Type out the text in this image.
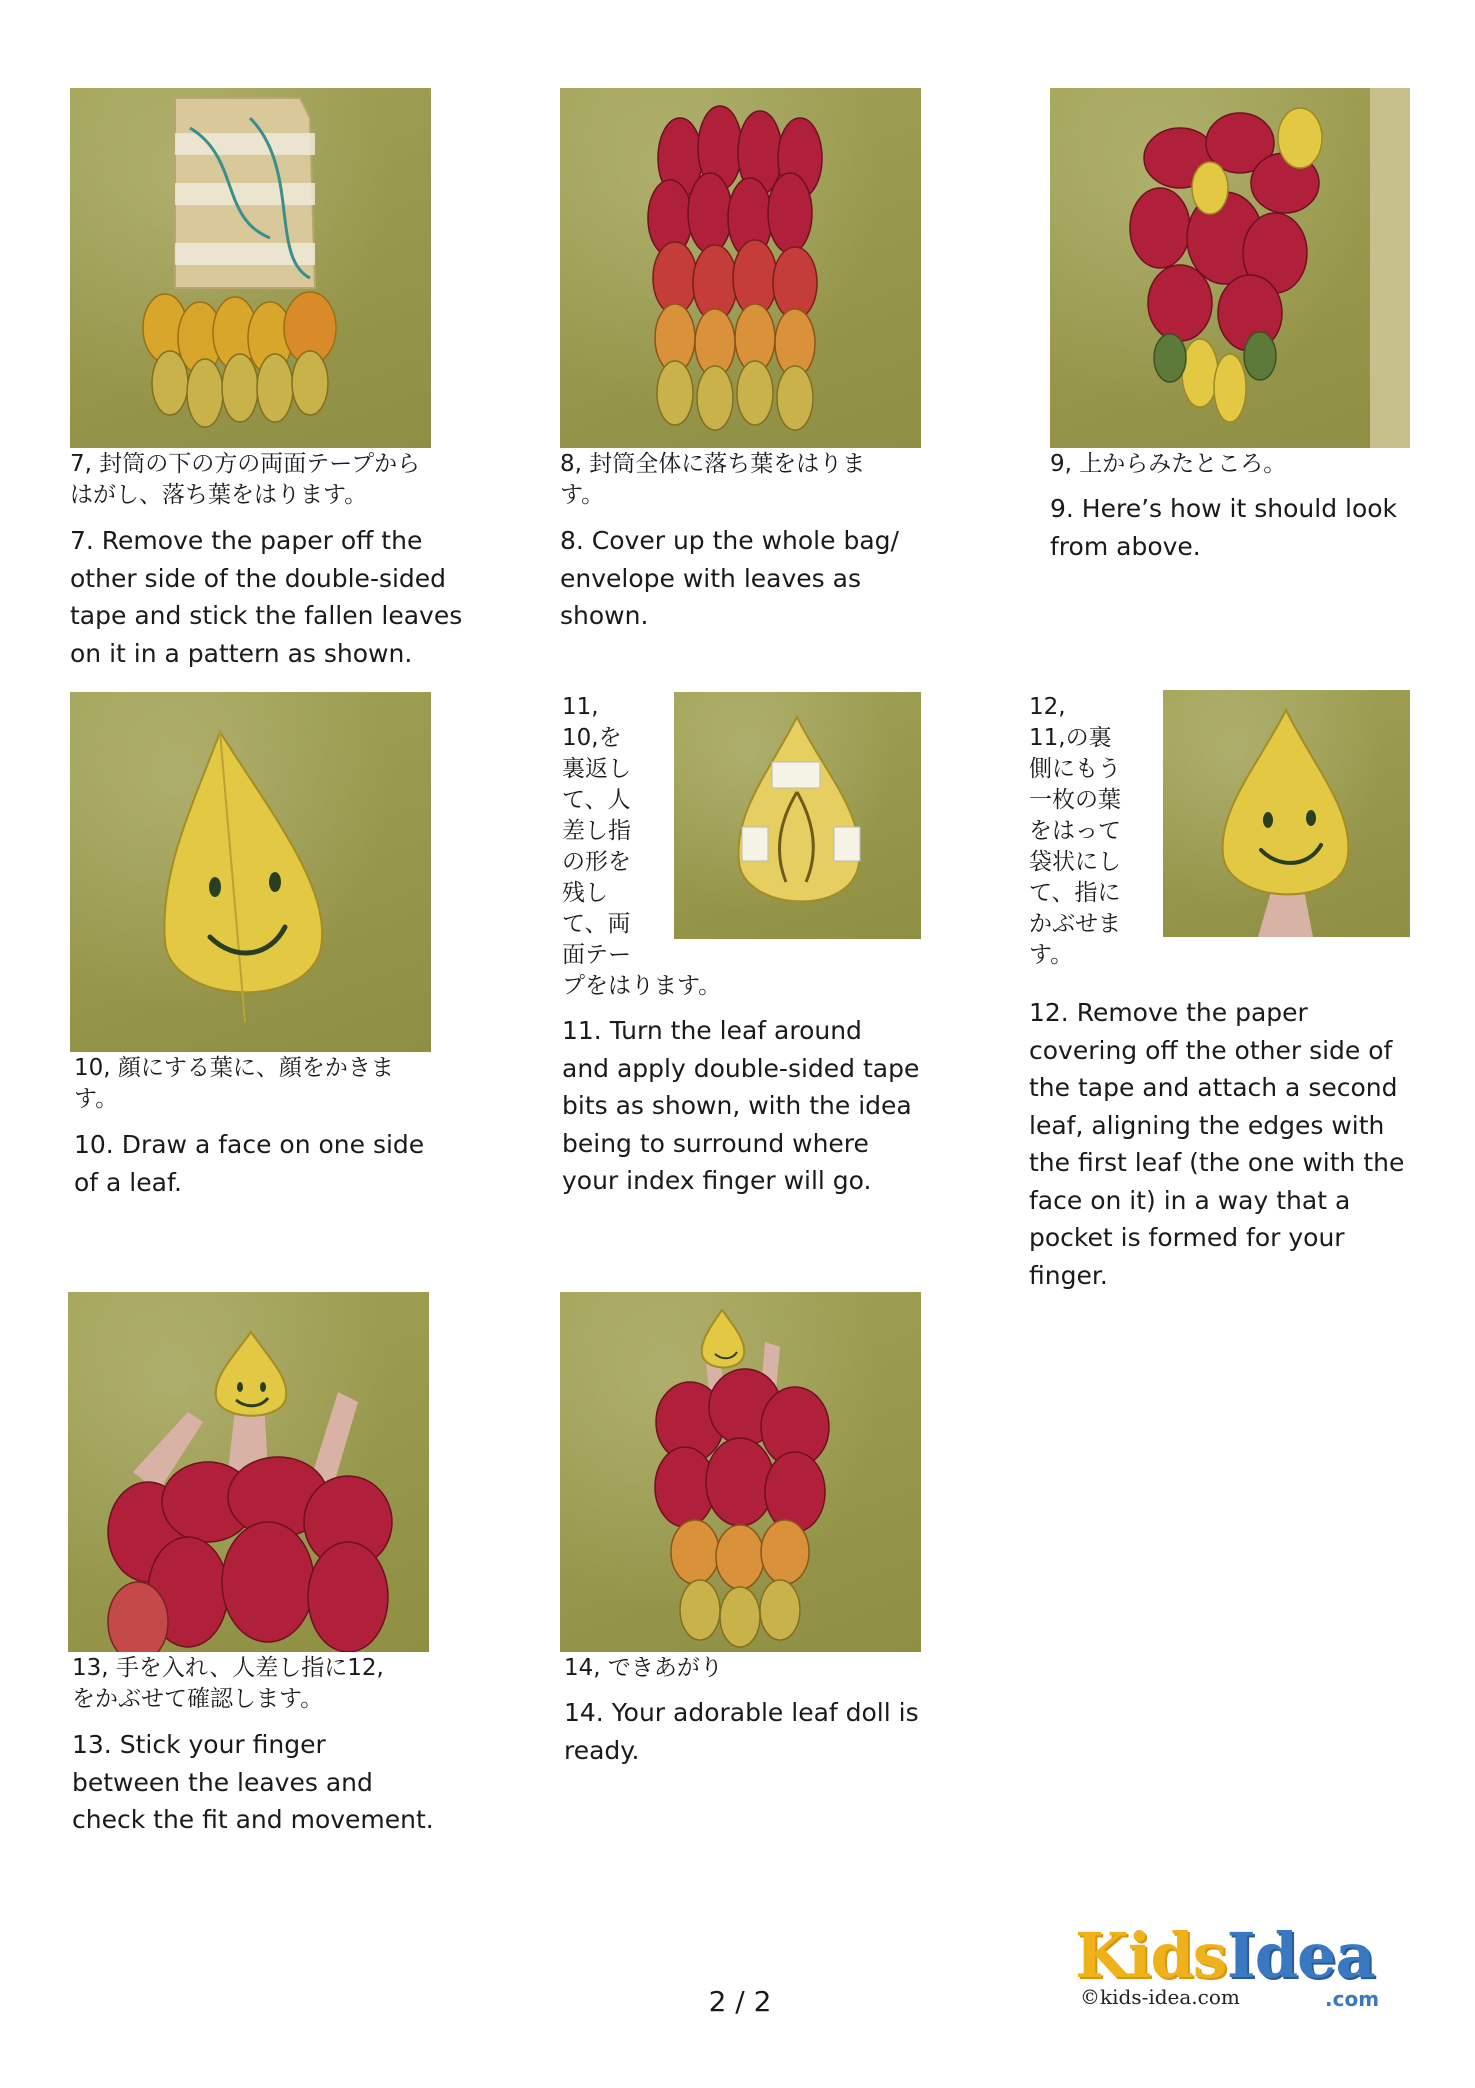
7, 封筒の下の方の両面テープから
はがし、落ち葉をはります。

7. Remove the paper off the
other side of the double-sided
tape and stick the fallen leaves
on it in a pattern as shown.

8, 封筒全体に落ち葉をはりま
す。

8. Cover up the whole bag/
envelope with leaves as
shown.

9, 上からみたところ。

9. Here’s how it should look
from above.

10, 顔にする葉に、顔をかきま
す。

10. Draw a face on one side
of a leaf.

11,
10,を
裏返し
て、人
差し指
の形を
残し
て、両
面テー
プをはります。

11. Turn the leaf around
and apply double-sided tape
bits as shown, with the idea
being to surround where
your index finger will go.

12,
11,の裏
側にもう
一枚の葉
をはって
袋状にし
て、指に
かぶせま
す。

12. Remove the paper
covering off the other side of
the tape and attach a second
leaf, aligning the edges with
the first leaf (the one with the
face on it) in a way that a
pocket is formed for your
finger.

13, 手を入れ、人差し指に12,
をかぶせて確認します。

13. Stick your finger
between the leaves and
check the fit and movement.

14, できあがり

14. Your adorable leaf doll is
ready.

2 / 2
KidsIdea
©kids-idea.com	.com
